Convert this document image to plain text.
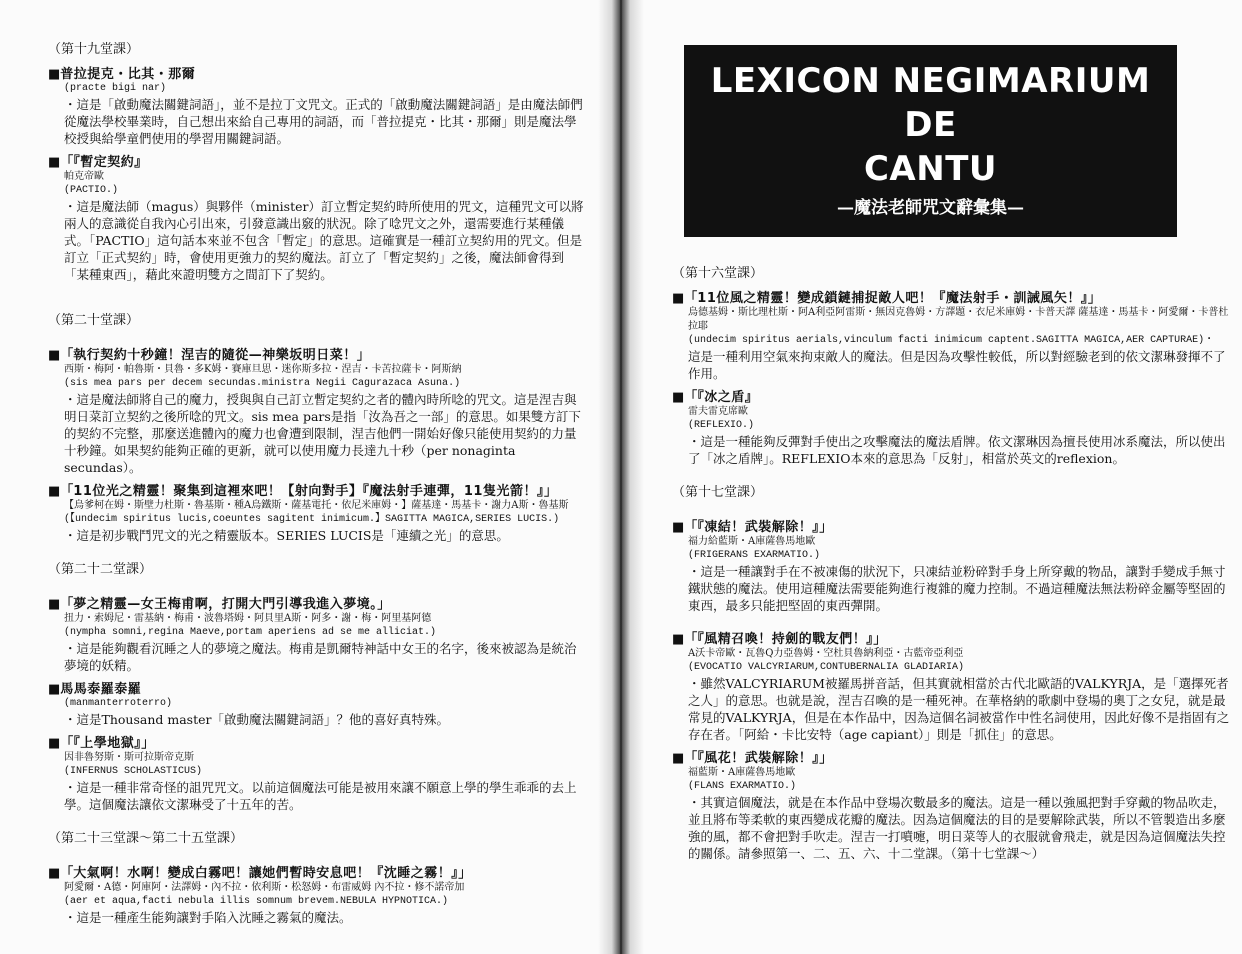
（第十九堂課）
■普拉提克・比其・那爾
(practe bigi nar)
・這是「啟動魔法關鍵詞語」，並不是拉丁文咒文。正式的「啟動魔法關鍵詞語」是由魔法師們從魔法學校畢業時，自己想出來給自己專用的詞語，而「普拉提克・比其・那爾」則是魔法學校授與給學童們使用的學習用關鍵詞語。
■「『暫定契約』
帕克帝歐
(PACTIO.)
・這是魔法師（magus）與夥伴（minister）訂立暫定契約時所使用的咒文，這種咒文可以將兩人的意識從自我內心引出來，引發意識出竅的狀況。除了唸咒文之外，還需要進行某種儀式。「PACTIO」這句話本來並不包含「暫定」的意思。這確實是一種訂立契約用的咒文。但是訂立「正式契約」時，會使用更強力的契約魔法。訂立了「暫定契約」之後，魔法師會得到「某種東西」，藉此來證明雙方之間訂下了契約。
（第二十堂課）
■「執行契約十秒鐘！涅吉的隨從—神樂坂明日菜！」
西斯・梅阿・帕魯斯・貝魯・多K姆・賽庫旦思・迷你斯多拉・涅吉・卡苦拉薩卡・阿斯納
(sis mea pars per decem secundas.ministra Negii Cagurazaca Asuna.)
・這是魔法師將自己的魔力，授與與自己訂立暫定契約之者的體內時所唸的咒文。這是涅吉與明日菜訂立契約之後所唸的咒文。sis mea pars是指「汝為吾之一部」的意思。如果雙方訂下的契約不完整，那麼送進體內的魔力也會遭到限制，涅吉他們一開始好像只能使用契約的力量十秒鐘。如果契約能夠正確的更新，就可以使用魔力長達九十秒（per nonaginta secundas）。
■「11位光之精靈！聚集到這裡來吧！【射向對手】『魔法射手連彈，11隻光箭！』」
【烏爹柯在姆・斯壁力杜斯・魯基斯・種A烏鐵斯・薩基電托・依尼米庫姆・】薩基達・馬基卡・謝力A斯・魯基斯
(【undecim spiritus lucis,coeuntes sagitent inimicum.】SAGITTA MAGICA,SERIES LUCIS.)
・這是初步戰鬥咒文的光之精靈版本。SERIES LUCIS是「連續之光」的意思。
（第二十二堂課）
■「夢之精靈—女王梅甫啊，打開大門引導我進入夢境。」
扭力・索姆尼・雷基納・梅甫・波魯塔姆・阿貝里A斯・阿多・謝・梅・阿里基阿德
(nympha somni,regina Maeve,portam aperiens ad se me alliciat.)
・這是能夠觀看沉睡之人的夢境之魔法。梅甫是凱爾特神話中女王的名字，後來被認為是統治夢境的妖精。
■馬馬泰羅泰羅
(manmanterroterro)
・這是Thousand master「啟動魔法關鍵詞語」？他的喜好真特殊。
■「『上學地獄』」
因非魯努斯・斯可拉斯帝克斯
(INFERNUS SCHOLASTICUS)
・這是一種非常奇怪的詛咒咒文。以前這個魔法可能是被用來讓不願意上學的學生乖乖的去上學。這個魔法讓依文潔琳受了十五年的苦。
（第二十三堂課～第二十五堂課）
■「大氣啊！水啊！變成白霧吧！讓她們暫時安息吧！『沈睡之霧！』」
阿愛爾・A德・阿庫阿・法譯姆・內不拉・依利斯・松怒姆・布雷威姆 內不拉・修不諾帝加
(aer et aqua,facti nebula illis somnum brevem.NEBULA HYPNOTICA.)
・這是一種產生能夠讓對手陷入沈睡之霧氣的魔法。
LEXICON NEGIMARIUM
DE
CANTU
—魔法老師咒文辭彙集—
（第十六堂課）
■「11位風之精靈！變成鎖鏈捕捉敵人吧！『魔法射手・訓誡風矢！』」
烏德基姆・斯比理杜斯・阿A利亞阿雷斯・無因克魯姆・方譯題・衣尼米庫姆・卡普天譯 薩基達・馬基卡・阿愛爾・卡普杜拉耶
(undecim spiritus aerials,vinculum facti inimicum captent.SAGITTA MAGICA,AER CAPTURAE)・
這是一種利用空氣來拘束敵人的魔法。但是因為攻擊性較低，所以對經驗老到的依文潔琳發揮不了作用。
■「『冰之盾』
雷夫雷克席歐
(REFLEXIO.)
・這是一種能夠反彈對手使出之攻擊魔法的魔法盾牌。依文潔琳因為擅長使用冰系魔法，所以使出了「冰之盾牌」。REFLEXIO本來的意思為「反射」，相當於英文的reflexion。
（第十七堂課）
■「『凍結！武裝解除！』」
福力給藍斯・A庫薩魯馬地歐
(FRIGERANS EXARMATIO.)
・這是一種讓對手在不被凍傷的狀況下，只凍結並粉碎對手身上所穿戴的物品，讓對手變成手無寸鐵狀態的魔法。使用這種魔法需要能夠進行複雜的魔力控制。不過這種魔法無法粉碎金屬等堅固的東西，最多只能把堅固的東西彈開。
■「『風精召喚！持劍的戰友們！』」
A沃卡帝歐・瓦魯Q力亞魯姆・空杜貝魯納利亞・古藍帝亞利亞
(EVOCATIO VALCYRIARUM,CONTUBERNALIA GLADIARIA)
・雖然VALCYRIARUM被羅馬拼音話，但其實就相當於古代北歐語的VALKYRJA，是「選擇死者之人」的意思。也就是說，涅吉召喚的是一種死神。在華格納的歌劇中登場的奧丁之女兒，就是最常見的VALKYRJA，但是在本作品中，因為這個名詞被當作中性名詞使用，因此好像不是指固有之存在者。「阿給・卡比安特（age capiant）」則是「抓住」的意思。
■「『風花！武裝解除！』」
福藍斯・A庫薩魯馬地歐
(FLANS EXARMATIO.)
・其實這個魔法，就是在本作品中登場次數最多的魔法。這是一種以強風把對手穿戴的物品吹走，並且將布等柔軟的東西變成花瓣的魔法。因為這個魔法的目的是要解除武裝，所以不管製造出多麼強的風，都不會把對手吹走。涅吉一打噴嚏，明日菜等人的衣服就會飛走，就是因為這個魔法失控的關係。請參照第一、二、五、六、十二堂課。（第十七堂課～）
